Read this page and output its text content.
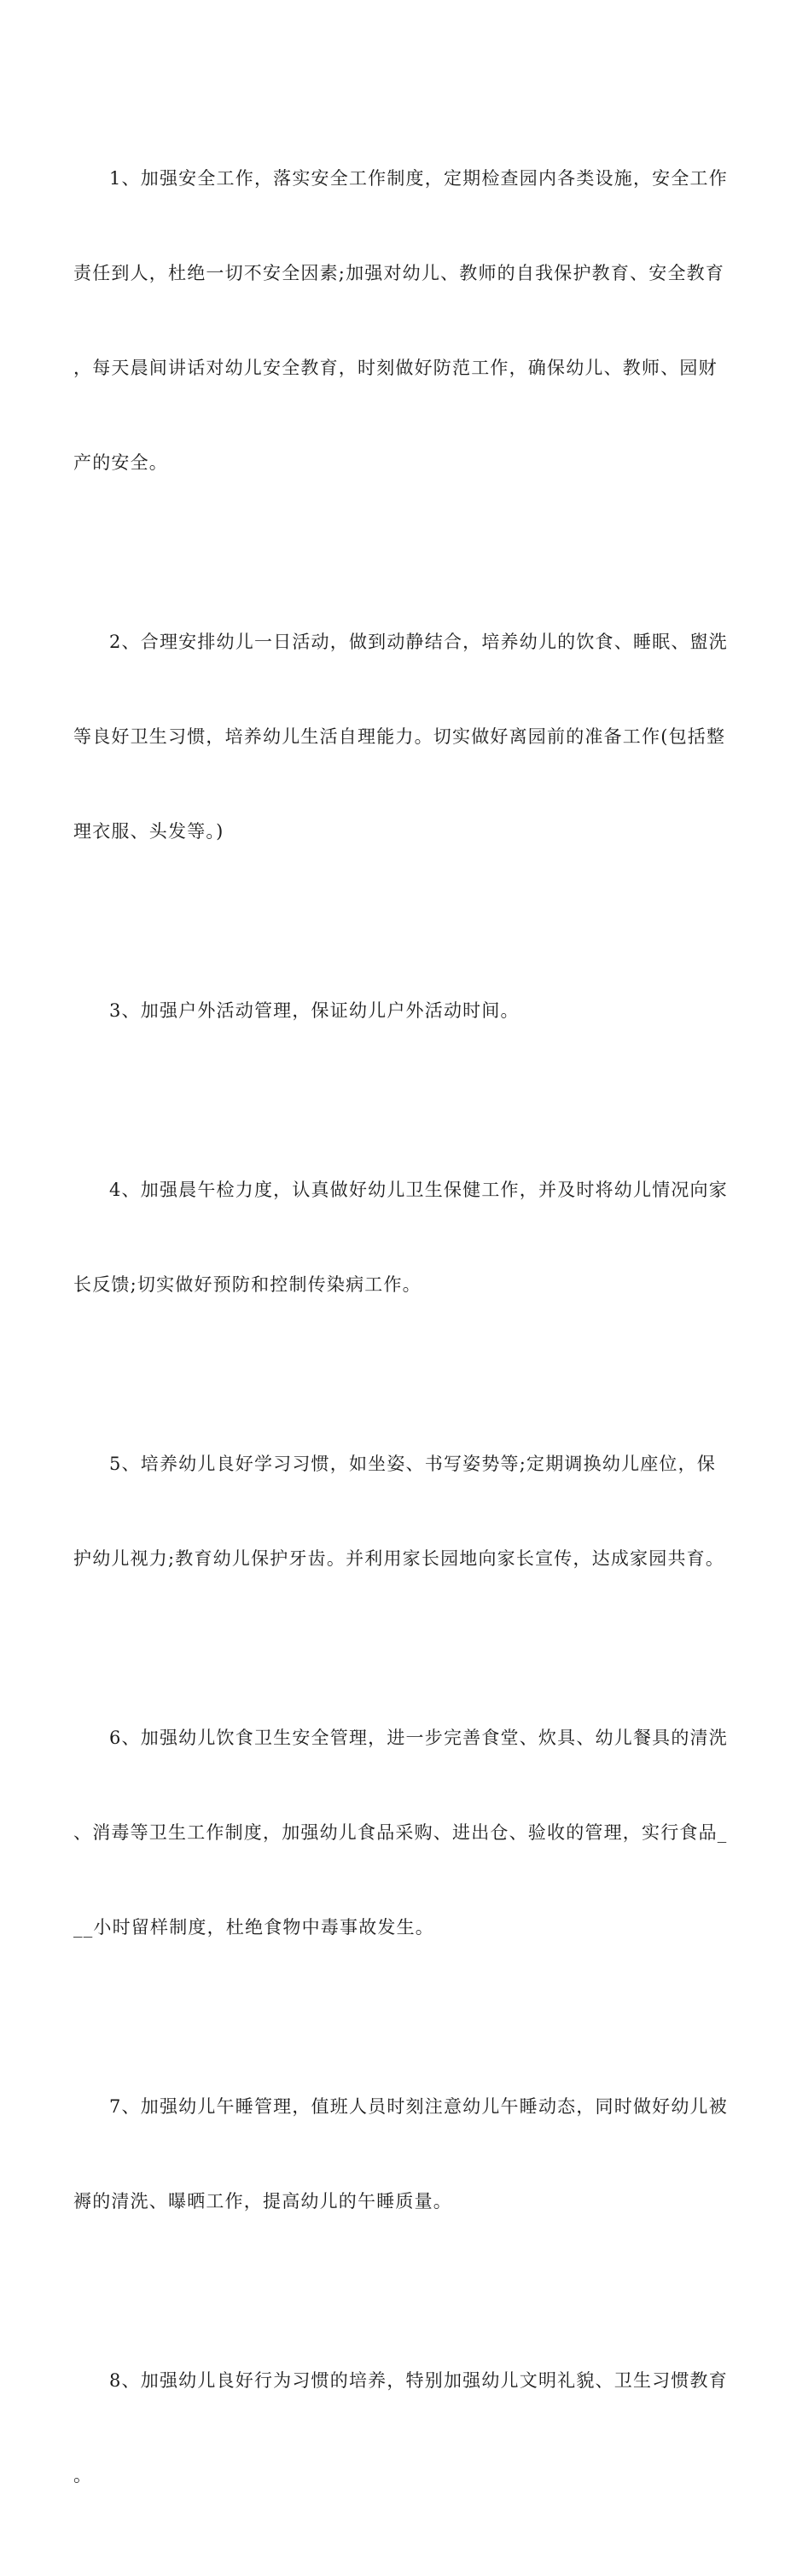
1、加强安全工作，落实安全工作制度，定期检查园内各类设施，安全工作

责任到人，杜绝一切不安全因素;加强对幼儿、教师的自我保护教育、安全教育

，每天晨间讲话对幼儿安全教育，时刻做好防范工作，确保幼儿、教师、园财

产的安全。

2、合理安排幼儿一日活动，做到动静结合，培养幼儿的饮食、睡眠、盥洗

等良好卫生习惯，培养幼儿生活自理能力。切实做好离园前的准备工作(包括整

理衣服、头发等。)

3、加强户外活动管理，保证幼儿户外活动时间。

4、加强晨午检力度，认真做好幼儿卫生保健工作，并及时将幼儿情况向家

长反馈;切实做好预防和控制传染病工作。

5、培养幼儿良好学习习惯，如坐姿、书写姿势等;定期调换幼儿座位，保

护幼儿视力;教育幼儿保护牙齿。并利用家长园地向家长宣传，达成家园共育。

6、加强幼儿饮食卫生安全管理，进一步完善食堂、炊具、幼儿餐具的清洗

、消毒等卫生工作制度，加强幼儿食品采购、进出仓、验收的管理，实行食品_

__小时留样制度，杜绝食物中毒事故发生。

7、加强幼儿午睡管理，值班人员时刻注意幼儿午睡动态，同时做好幼儿被

褥的清洗、曝晒工作，提高幼儿的午睡质量。

8、加强幼儿良好行为习惯的培养，特别加强幼儿文明礼貌、卫生习惯教育

。
